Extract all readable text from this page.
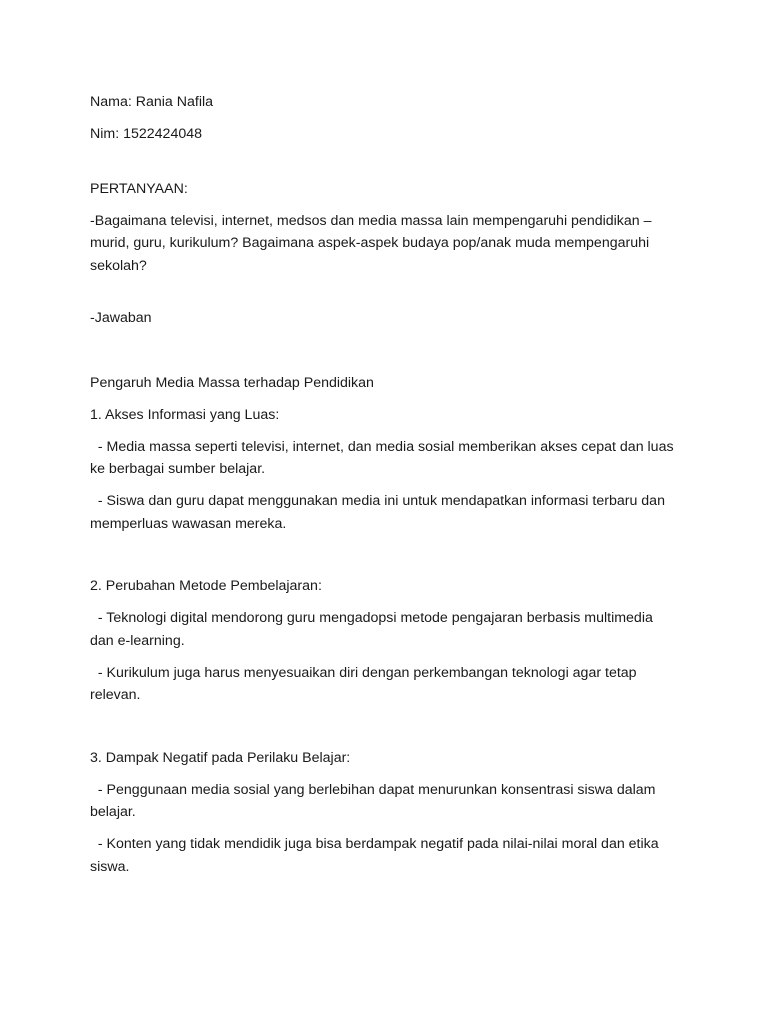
Nama: Rania Nafila

Nim: 1522424048

PERTANYAAN:

-Bagaimana televisi, internet, medsos dan media massa lain mempengaruhi pendidikan – murid, guru, kurikulum? Bagaimana aspek-aspek budaya pop/anak muda mempengaruhi sekolah?

-Jawaban

Pengaruh Media Massa terhadap Pendidikan

1. Akses Informasi yang Luas:

- Media massa seperti televisi, internet, dan media sosial memberikan akses cepat dan luas ke berbagai sumber belajar.

- Siswa dan guru dapat menggunakan media ini untuk mendapatkan informasi terbaru dan memperluas wawasan mereka.

2. Perubahan Metode Pembelajaran:

- Teknologi digital mendorong guru mengadopsi metode pengajaran berbasis multimedia dan e-learning.

- Kurikulum juga harus menyesuaikan diri dengan perkembangan teknologi agar tetap relevan.

3. Dampak Negatif pada Perilaku Belajar:

- Penggunaan media sosial yang berlebihan dapat menurunkan konsentrasi siswa dalam belajar.

- Konten yang tidak mendidik juga bisa berdampak negatif pada nilai-nilai moral dan etika siswa.
